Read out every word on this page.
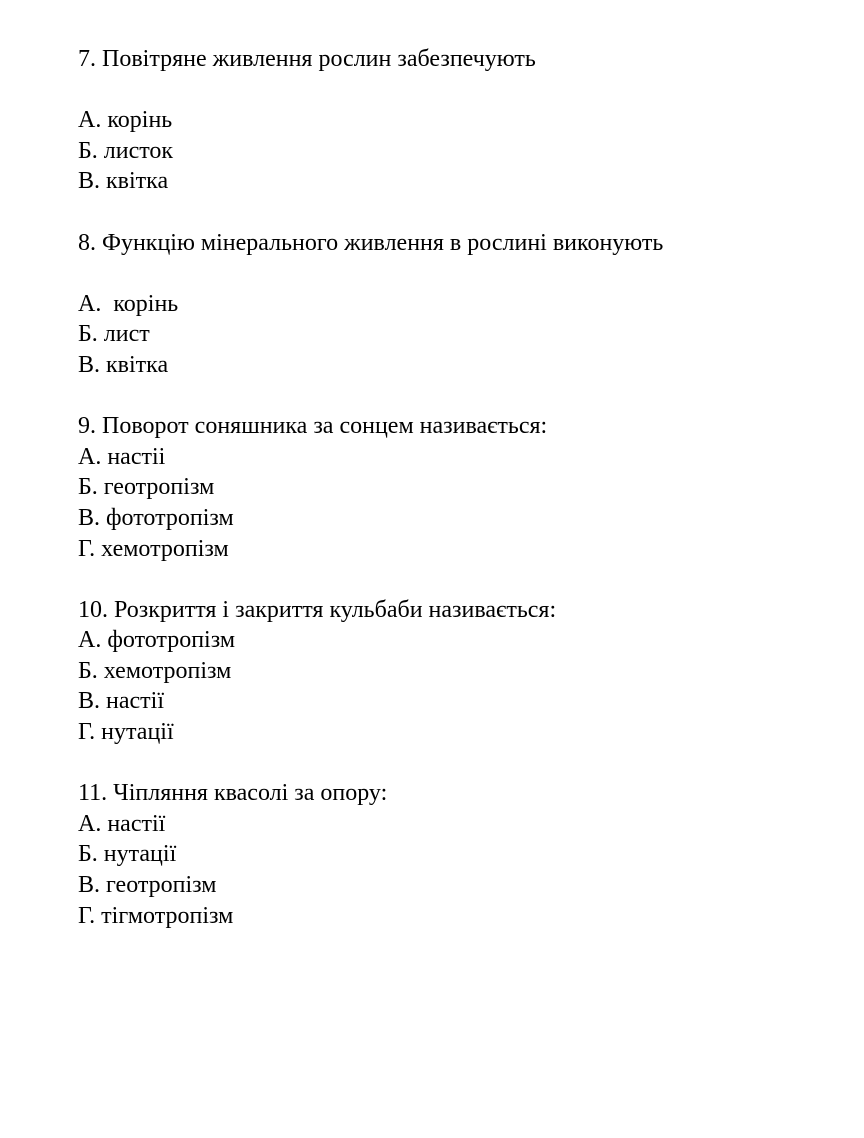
7. Повітряне живлення рослин забезпечують
А. корінь
Б. листок
В. квітка
8. Функцію мінерального живлення в рослині виконують
А.  корінь
Б. лист
В. квітка
9. Поворот соняшника за сонцем називається:
А. настіі
Б. геотропізм
В. фототропізм
Г. хемотропізм
10. Розкриття і закриття кульбаби називається:
А. фототропізм
Б. хемотропізм
В. настії
Г. нутації
11. Чіпляння квасолі за опору:
А. настії
Б. нутації
В. геотропізм
Г. тігмотропізм
